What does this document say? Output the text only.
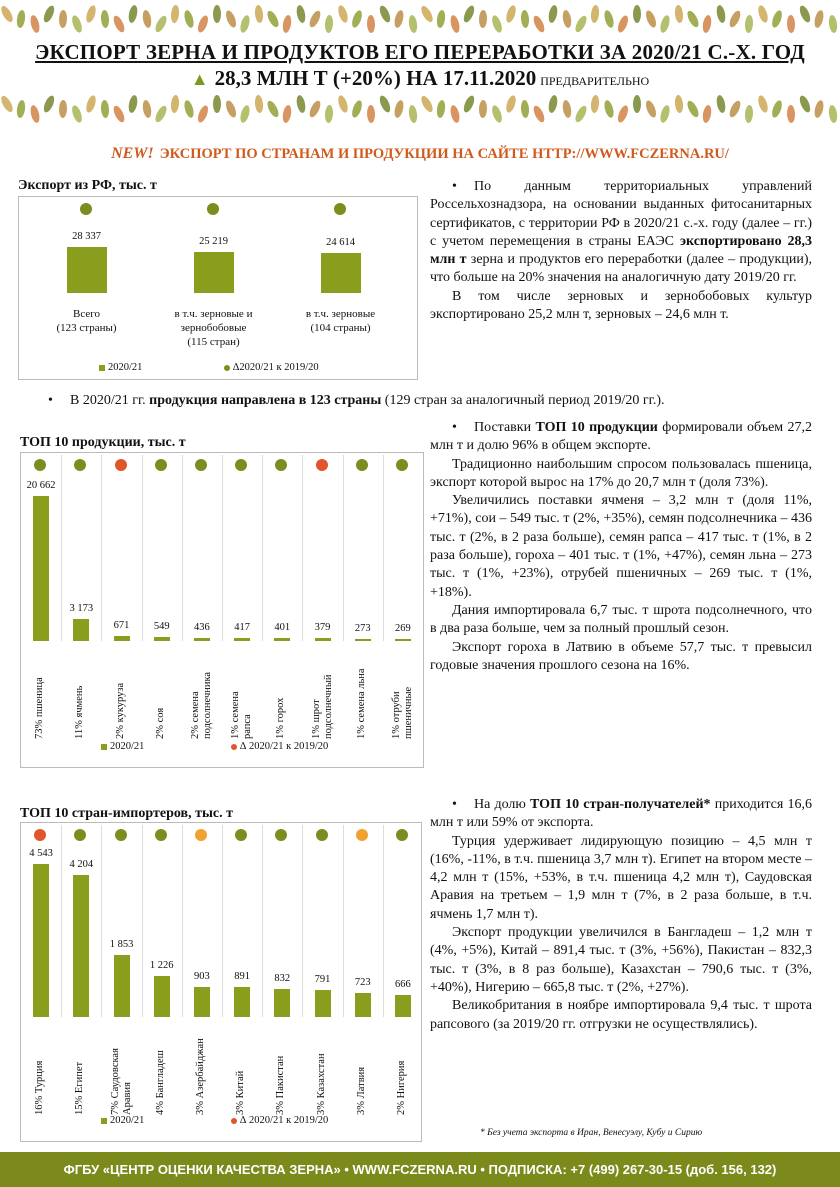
ЭКСПОРТ ЗЕРНА И ПРОДУКТОВ ЕГО ПЕРЕРАБОТКИ ЗА 2020/21 С.-Х. ГОД
▲ 28,3 МЛН Т (+20%) НА 17.11.2020 ПРЕДВАРИТЕЛЬНО
NEW! ЭКСПОРТ ПО СТРАНАМ И ПРОДУКЦИИ НА САЙТЕ HTTP://WWW.FCZERNA.RU/
Экспорт из РФ, тыс. т
28 337
Всего
(123 страны)
25 219
в т.ч. зерновые и
зернобобовые
(115 стран)
24 614
в т.ч. зерновые
(104 страны)
2020/21	∆2020/21 к 2019/20
ТОП 10 продукции, тыс. т
20 662
73% пшеница
3 173
11% ячмень
671
2% кукуруза
549
2% соя
436
2% семена
подсолнечника
417
1% семена
рапса
401
1% горох
379
1% шрот
подсолнечный
273
1% семена льна
269
1% отруби
пшеничные
2020/21	∆ 2020/21 к 2019/20
ТОП 10 стран-импортеров, тыс. т
4 543
16% Турция
4 204
15% Египет
1 853
7% Саудовская
Аравия
1 226
4% Бангладеш
903
3% Азербайджан
891
3% Китай
832
3% Пакистан
791
3% Казахстан
723
3% Латвия
666
2% Нигерия
2020/21	∆ 2020/21 к 2019/20

• По данным территориальных управлений Россельхознадзора, на основании выданных фитосанитарных сертификатов, с территории РФ в 2020/21 с.-х. году (далее – гг.) с учетом перемещения в страны ЕАЭС экспортировано 28,3 млн т зерна и продуктов его переработки (далее – продукции), что больше на 20% значения на аналогичную дату 2019/20 гг.

В том числе зерновых и зернобобовых культур экспортировано 25,2 млн т, зерновых – 24,6 млн т.

• В 2020/21 гг. продукция направлена в 123 страны (129 стран за аналогичный период 2019/20 гг.).

• Поставки ТОП 10 продукции формировали объем 27,2 млн т и долю 96% в общем экспорте.

Традиционно наибольшим спросом пользовалась пшеница, экспорт которой вырос на 17% до 20,7 млн т (доля 73%).

Увеличились поставки ячменя – 3,2 млн т (доля 11%, +71%), сои – 549 тыс. т (2%, +35%), семян подсолнечника – 436 тыс. т (2%, в 2 раза больше), семян рапса – 417 тыс. т (1%, в 2 раза больше), гороха – 401 тыс. т (1%, +47%), семян льна – 273 тыс. т (1%, +23%), отрубей пшеничных – 269 тыс. т (1%, +18%).

Дания импортировала 6,7 тыс. т шрота подсолнечного, что в два раза больше, чем за полный прошлый сезон.

Экспорт гороха в Латвию в объеме 57,7 тыс. т превысил годовые значения прошлого сезона на 16%.

• На долю ТОП 10 стран-получателей* приходится 16,6 млн т или 59% от экспорта.

Турция удерживает лидирующую позицию – 4,5 млн т (16%, -11%, в т.ч. пшеница 3,7 млн т). Египет на втором месте – 4,2 млн т (15%, +53%, в т.ч. пшеница 4,2 млн т), Саудовская Аравия на третьем – 1,9 млн т (7%, в 2 раза больше, в т.ч. ячмень 1,7 млн т).

Экспорт продукции увеличился в Бангладеш – 1,2 млн т (4%, +5%), Китай – 891,4 тыс. т (3%, +56%), Пакистан – 832,3 тыс. т (3%, в 8 раз больше), Казахстан – 790,6 тыс. т (3%, +40%), Нигерию – 665,8 тыс. т (2%, +27%).

Великобритания в ноябре импортировала 9,4 тыс. т шрота рапсового (за 2019/20 гг. отгрузки не осуществлялись).

* Без учета экспорта в Иран, Венесуэлу, Кубу и Сирию
ФГБУ «ЦЕНТР ОЦЕНКИ КАЧЕСТВА ЗЕРНА» • WWW.FCZERNA.RU • ПОДПИСКА: +7 (499) 267-30-15 (доб. 156, 132)
